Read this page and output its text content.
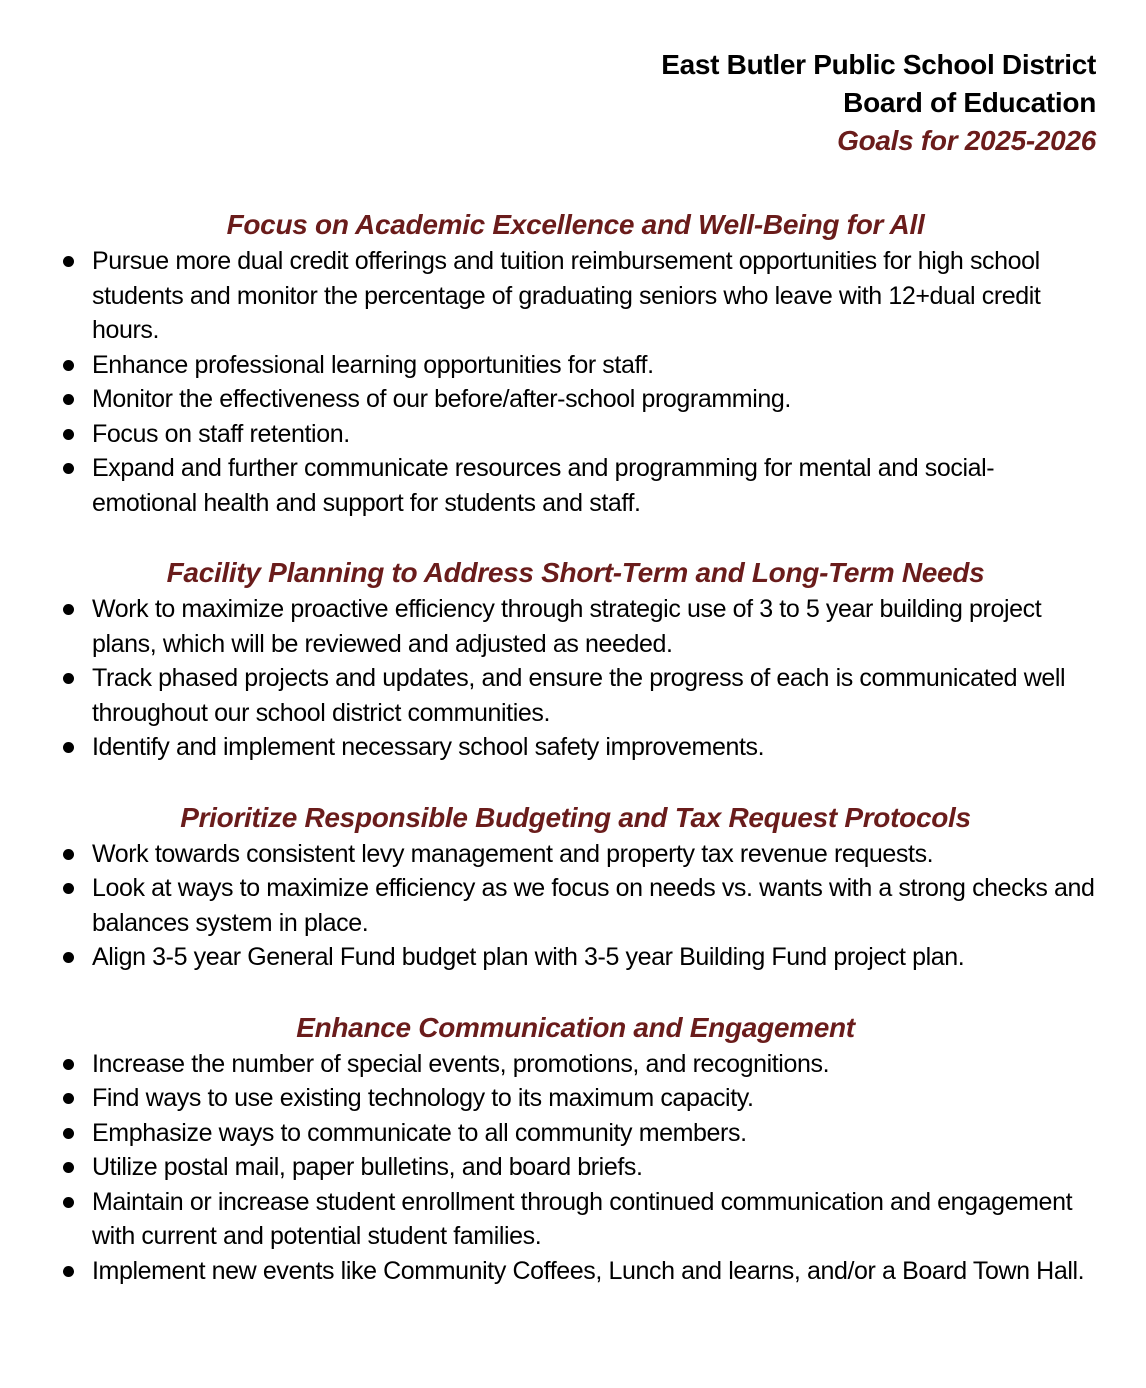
East Butler Public School District
Board of Education
Goals for 2025-2026
Focus on Academic Excellence and Well-Being for All
Pursue more dual credit offerings and tuition reimbursement opportunities for high school students and monitor the percentage of graduating seniors who leave with 12+dual credit hours.
Enhance professional learning opportunities for staff.
Monitor the effectiveness of our before/after-school programming.
Focus on staff retention.
Expand and further communicate resources and programming for mental and social-emotional health and support for students and staff.
Facility Planning to Address Short-Term and Long-Term Needs
Work to maximize proactive efficiency through strategic use of 3 to 5 year building project plans, which will be reviewed and adjusted as needed.
Track phased projects and updates, and ensure the progress of each is communicated well throughout our school district communities.
Identify and implement necessary school safety improvements.
Prioritize Responsible Budgeting and Tax Request Protocols
Work towards consistent levy management and property tax revenue requests.
Look at ways to maximize efficiency as we focus on needs vs. wants with a strong checks and balances system in place.
Align 3-5 year General Fund budget plan with 3-5 year Building Fund project plan.
Enhance Communication and Engagement
Increase the number of special events, promotions, and recognitions.
Find ways to use existing technology to its maximum capacity.
Emphasize ways to communicate to all community members.
Utilize postal mail, paper bulletins, and board briefs.
Maintain or increase student enrollment through continued communication and engagement with current and potential student families.
Implement new events like Community Coffees, Lunch and learns, and/or a Board Town Hall.
